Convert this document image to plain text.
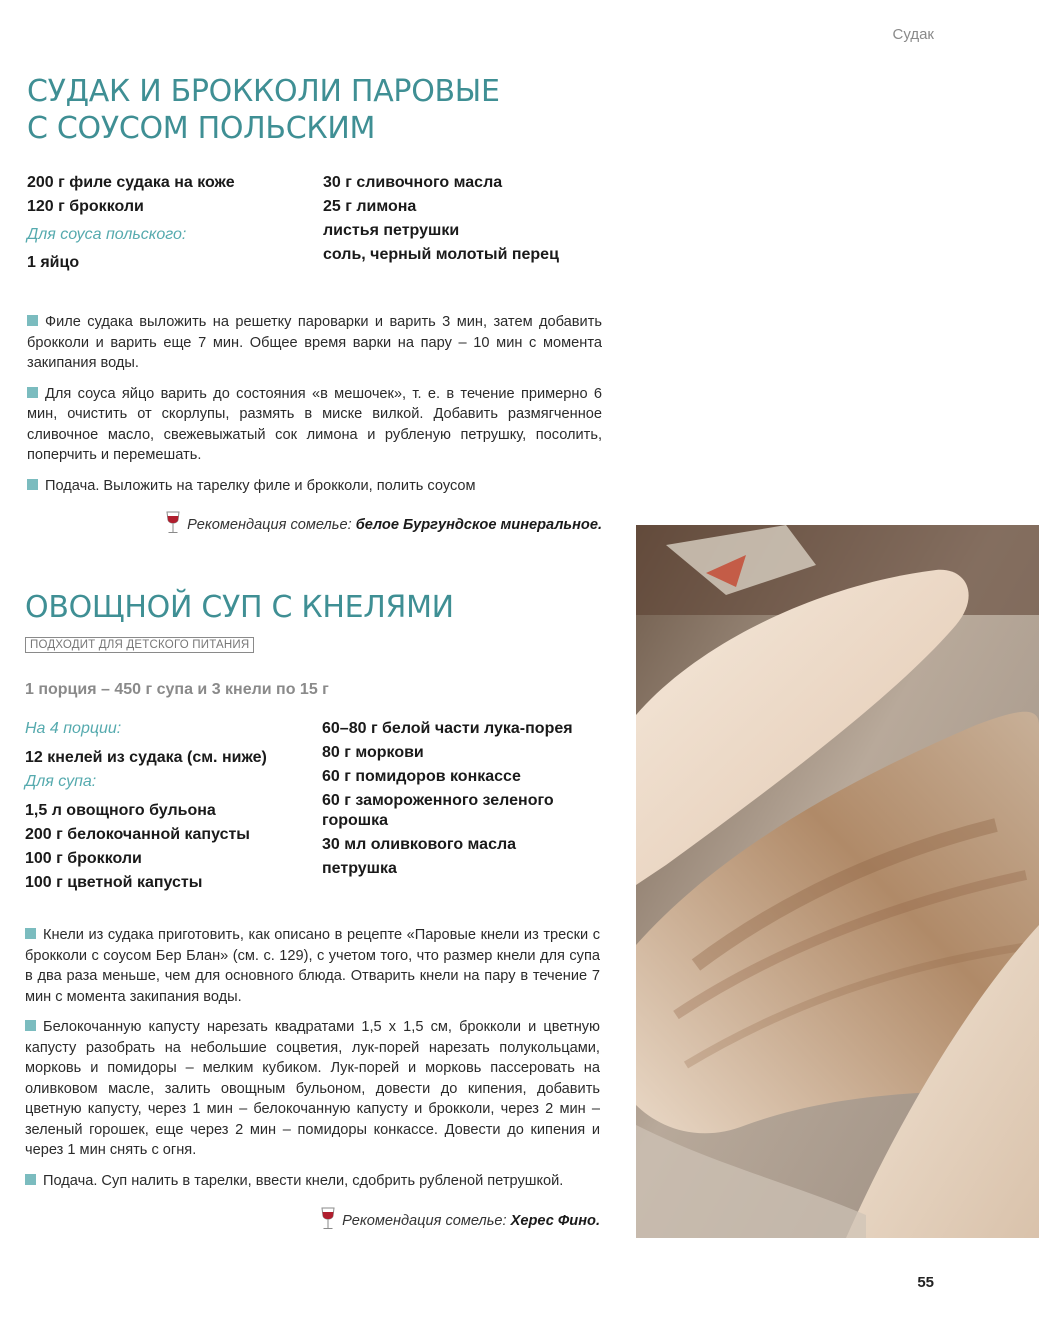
Судак
СУДАК И БРОККОЛИ ПАРОВЫЕ
С СОУСОМ ПОЛЬСКИМ
200 г филе судака на коже
120 г брокколи
Для соуса польского:
1 яйцо
30 г сливочного масла
25 г лимона
листья петрушки
соль, черный молотый перец

Филе судака выложить на решетку пароварки и варить 3 мин, затем добавить брокколи и варить еще 7 мин. Общее время варки на пару – 10 мин с момента закипания воды.

Для соуса яйцо варить до состояния «в мешочек», т. е. в течение примерно 6 мин, очистить от скорлупы, размять в миске вилкой. Добавить размягченное сливочное масло, свежевыжатый сок лимона и рубленую петрушку, посолить, поперчить и перемешать.

Подача. Выложить на тарелку филе и брокколи, полить соусом

Рекомендация сомелье: белое Бургундское минеральное.
ОВОЩНОЙ СУП С КНЕЛЯМИ
ПОДХОДИТ ДЛЯ ДЕТСКОГО ПИТАНИЯ
1 порция – 450 г супа и 3 кнели по 15 г
На 4 порции:
12 кнелей из судака (см. ниже)
Для супа:
1,5 л овощного бульона
200 г белокочанной капусты
100 г брокколи
100 г цветной капусты
60–80 г белой части лука-порея
80 г моркови
60 г помидоров конкассе
60 г замороженного зеленого горошка
30 мл оливкового масла
петрушка

Кнели из судака приготовить, как описано в рецепте «Паровые кнели из трески с брокколи с соусом Бер Блан» (см. с. 129), с учетом того, что размер кнели для супа в два раза меньше, чем для основного блюда. Отварить кнели на пару в течение 7 мин с момента закипания воды.

Белокочанную капусту нарезать квадратами 1,5 x 1,5 см, брокколи и цветную капусту разобрать на небольшие соцветия, лук-порей нарезать полукольцами, морковь и помидоры – мелким кубиком. Лук-порей и морковь пассеровать на оливковом масле, залить овощным бульоном, довести до кипения, добавить цветную капусту, через 1 мин – белокочанную капусту и брокколи, через 2 мин – зеленый горошек, еще через 2 мин – помидоры конкассе. Довести до кипения и через 1 мин снять с огня.

Подача. Суп налить в тарелки, ввести кнели, сдобрить рубленой петрушкой.

Рекомендация сомелье: Херес Фино.
55
